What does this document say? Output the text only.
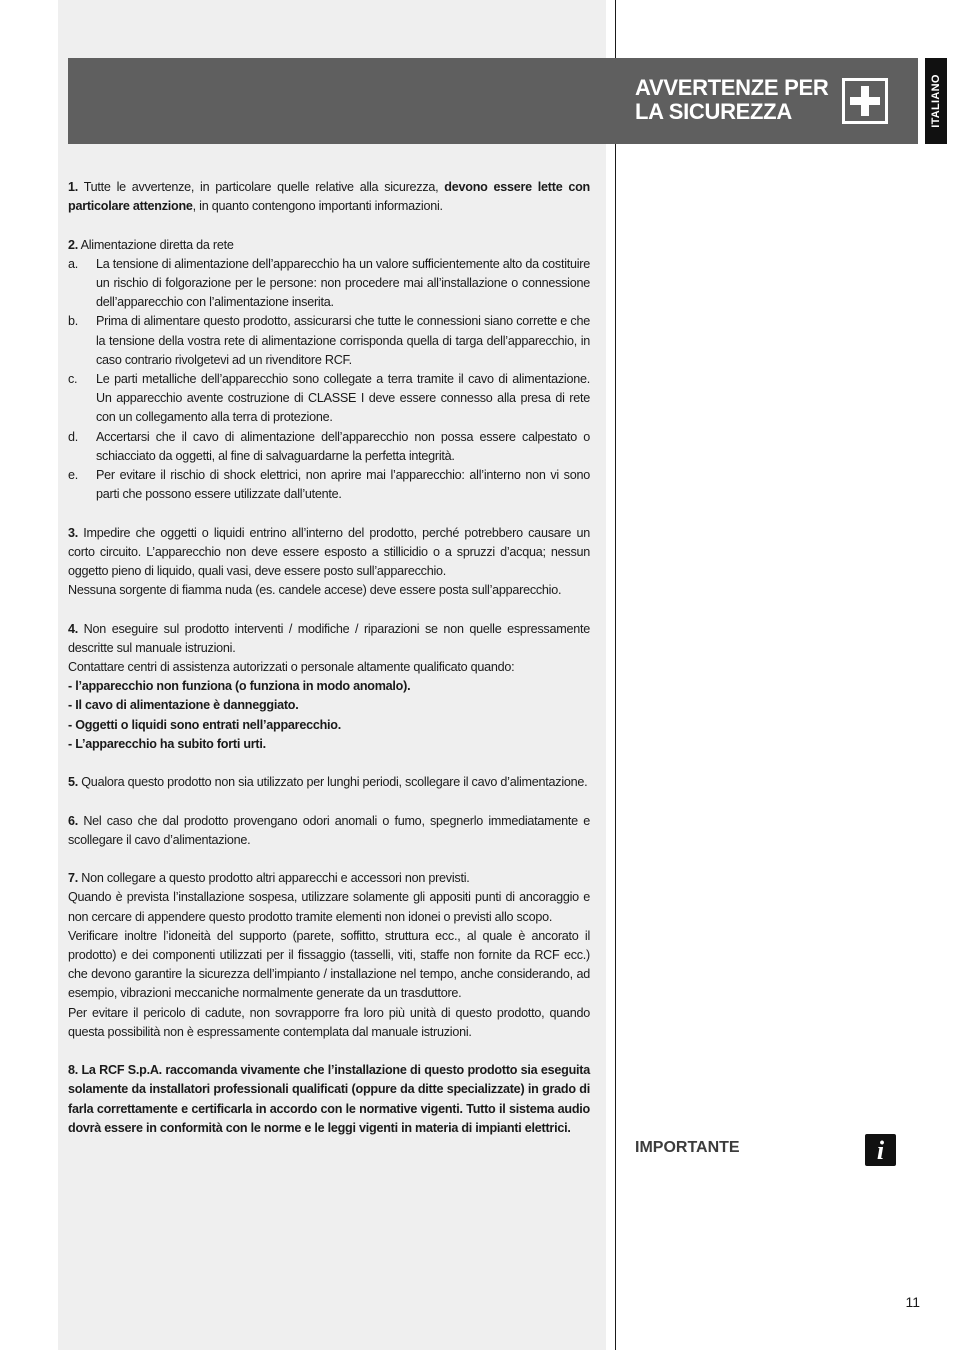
AVVERTENZE PER
LA SICUREZZA	ITALIANO

1. Tutte le avvertenze, in particolare quelle relative alla sicurezza, devono essere lette con particolare attenzione, in quanto contengono importanti informazioni.

2. Alimentazione diretta da rete

a.	La tensione di alimentazione dell’apparecchio ha un valore sufficientemente alto da costituire un rischio di folgorazione per le persone: non procedere mai all’installazione o connessione dell’apparecchio con l’alimentazione inserita.
b.	Prima di alimentare questo prodotto, assicurarsi che tutte le connessioni siano corrette e che la tensione della vostra rete di alimentazione corrisponda quella di targa dell’apparecchio, in caso contrario rivolgetevi ad un rivenditore RCF.
c.	Le parti metalliche dell’apparecchio sono collegate a terra tramite il cavo di alimentazione. Un apparecchio avente costruzione di CLASSE I deve essere connesso alla presa di rete con un collegamento alla terra di protezione.
d.	Accertarsi che il cavo di alimentazione dell’apparecchio non possa essere calpestato o schiacciato da oggetti, al fine di salvaguardarne la perfetta integrità.
e.	Per evitare il rischio di shock elettrici, non aprire mai l’apparecchio: all’interno non vi sono parti che possono essere utilizzate dall’utente.

3. Impedire che oggetti o liquidi entrino all’interno del prodotto, perché potrebbero causare un corto circuito. L’apparecchio non deve essere esposto a stillicidio o a spruzzi d’acqua; nessun oggetto pieno di liquido, quali vasi, deve essere posto sull’apparecchio.

Nessuna sorgente di fiamma nuda (es. candele accese) deve essere posta sull’apparecchio.

4. Non eseguire sul prodotto interventi / modifiche / riparazioni se non quelle espressamente descritte sul manuale istruzioni.

Contattare centri di assistenza autorizzati o personale altamente qualificato quando:

- l’apparecchio non funziona (o funziona in modo anomalo).

- Il cavo di alimentazione è danneggiato.

- Oggetti o liquidi sono entrati nell’apparecchio.

- L’apparecchio ha subito forti urti.

5. Qualora questo prodotto non sia utilizzato per lunghi periodi, scollegare il cavo d’alimentazione.

6. Nel caso che dal prodotto provengano odori anomali o fumo, spegnerlo immediatamente e scollegare il cavo d’alimentazione.

7. Non collegare a questo prodotto altri apparecchi e accessori non previsti.

Quando è prevista l’installazione sospesa, utilizzare solamente gli appositi punti di ancoraggio e non cercare di appendere questo prodotto tramite elementi non idonei o previsti allo scopo.

Verificare inoltre l’idoneità del supporto (parete, soffitto, struttura ecc., al quale è ancorato il prodotto) e dei componenti utilizzati per il fissaggio (tasselli, viti, staffe non fornite da RCF ecc.) che devono garantire la sicurezza dell’impianto / installazione nel tempo, anche considerando, ad esempio, vibrazioni meccaniche normalmente generate da un trasduttore.

Per evitare il pericolo di cadute, non sovrapporre fra loro più unità di questo prodotto, quando questa possibilità non è espressamente contemplata dal manuale istruzioni.

8. La RCF S.p.A. raccomanda vivamente che l’installazione di questo prodotto sia eseguita solamente da installatori professionali qualificati (oppure da ditte specializzate) in grado di farla correttamente e certificarla in accordo con le normative vigenti. Tutto il sistema audio dovrà essere in conformità con le norme e le leggi vigenti in materia di impianti elettrici.

IMPORTANTE	i
11
